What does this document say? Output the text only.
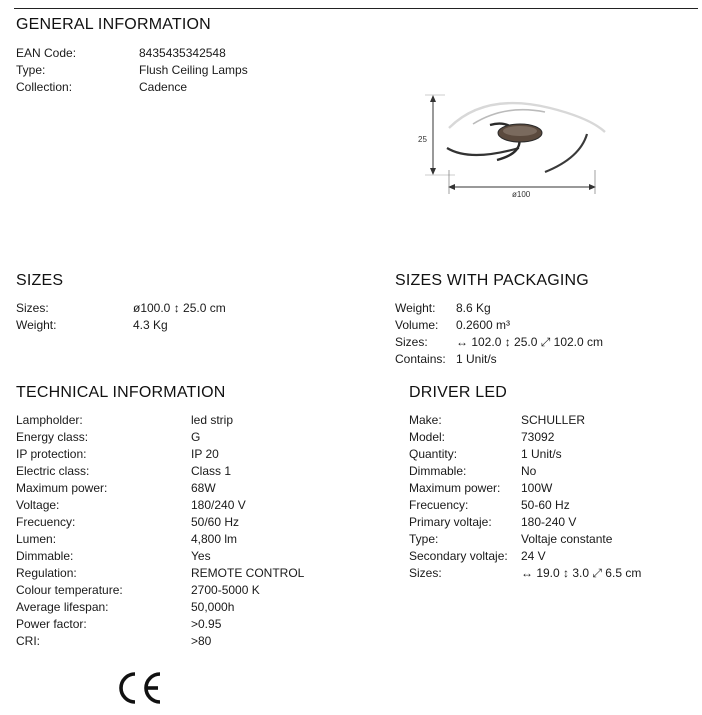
GENERAL INFORMATION
EAN Code:	8435435342548
Type:	Flush Ceiling Lamps
Collection:	Cadence
25
ø100
SIZES
Sizes:	ø100.0 ↕ 25.0 cm
Weight:	4.3 Kg
SIZES WITH PACKAGING
Weight:	8.6 Kg
Volume:	0.2600 m³
Sizes:	↔ 102.0 ↕ 25.0 ⤢ 102.0 cm
Contains: 1 Unit/s
TECHNICAL INFORMATION
Lampholder:	led strip
Energy class:	G
IP protection:	IP 20
Electric class:	Class 1
Maximum power:	68W
Voltage:	180/240 V
Frecuency:	50/60 Hz
Lumen:	4,800 lm
Dimmable:	Yes
Regulation:	REMOTE CONTROL
Colour temperature:	2700-5000 K
Average lifespan:	50,000h
Power factor:	>0.95
CRI:	>80
DRIVER LED
Make:	SCHULLER
Model:	73092
Quantity:	1 Unit/s
Dimmable:	No
Maximum power:	100W
Frecuency:	50-60 Hz
Primary voltaje:	180-240 V
Type:	Voltaje constante
Secondary voltaje:	24 V
Sizes:	↔ 19.0 ↕ 3.0 ⤢ 6.5 cm
